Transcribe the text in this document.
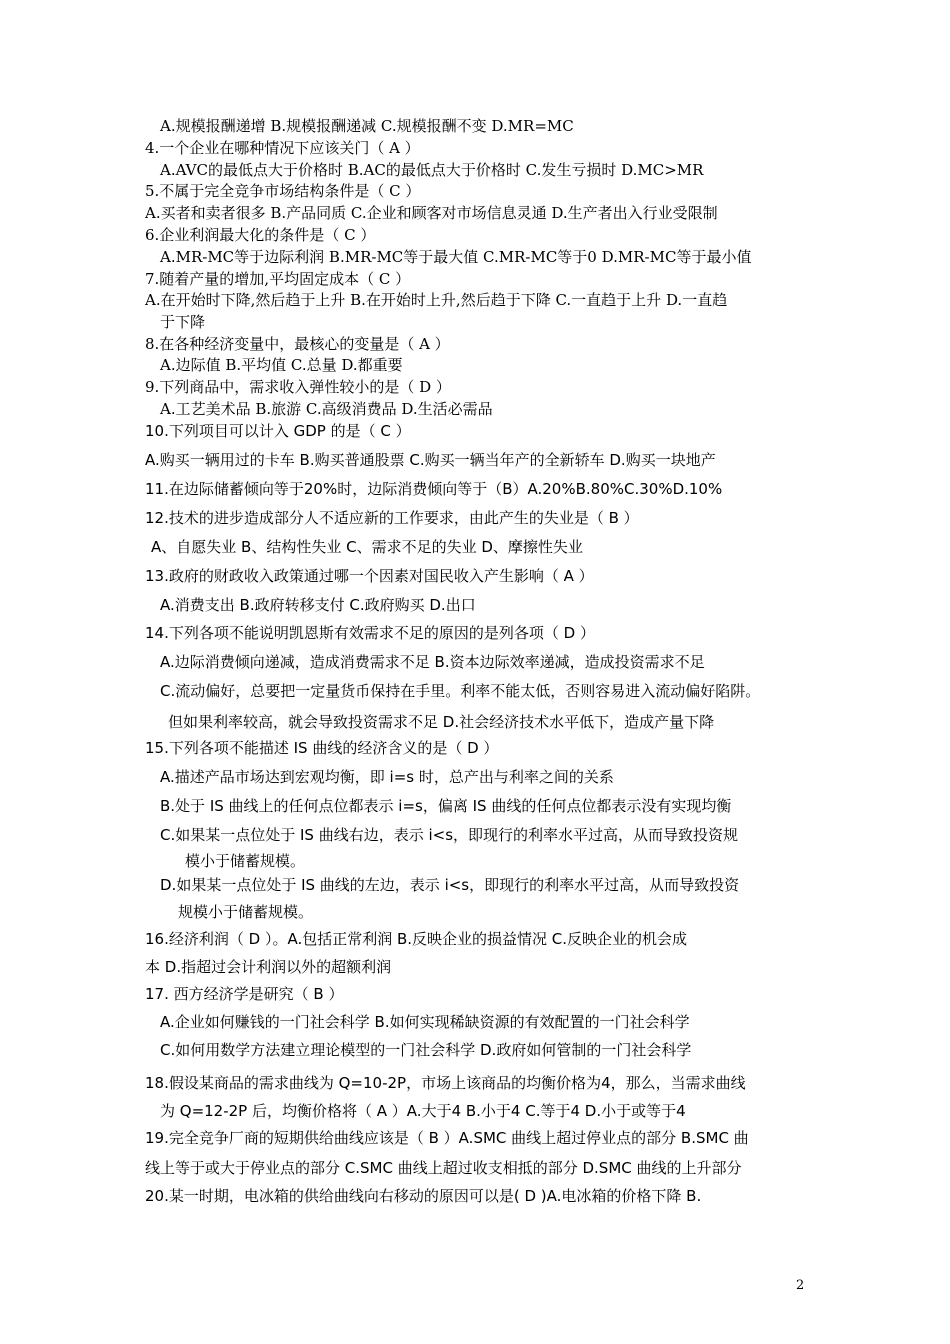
A.规模报酬递增 B.规模报酬递减 C.规模报酬不变 D.MR=MC
4.一个企业在哪种情况下应该关门（ A ）
A.AVC的最低点大于价格时 B.AC的最低点大于价格时 C.发生亏损时 D.MC>MR
5.不属于完全竞争市场结构条件是（ C ）
A.买者和卖者很多 B.产品同质 C.企业和顾客对市场信息灵通 D.生产者出入行业受限制
6.企业利润最大化的条件是（ C ）
A.MR-MC等于边际利润 B.MR-MC等于最大值 C.MR-MC等于0 D.MR-MC等于最小值
7.随着产量的增加,平均固定成本（ C ）
A.在开始时下降,然后趋于上升 B.在开始时上升,然后趋于下降 C.一直趋于上升 D.一直趋
于下降
8.在各种经济变量中，最核心的变量是（ A ）
A.边际值 B.平均值 C.总量 D.都重要
9.下列商品中，需求收入弹性较小的是（ D ）
A.工艺美术品 B.旅游 C.高级消费品 D.生活必需品
10.下列项目可以计入 GDP 的是（ C ）
A.购买一辆用过的卡车 B.购买普通股票 C.购买一辆当年产的全新轿车 D.购买一块地产
11.在边际储蓄倾向等于20%时，边际消费倾向等于（B）A.20%B.80%C.30%D.10%
12.技术的进步造成部分人不适应新的工作要求，由此产生的失业是（ B ）
A、自愿失业 B、结构性失业 C、需求不足的失业 D、摩擦性失业
13.政府的财政收入政策通过哪一个因素对国民收入产生影响（ A ）
A.消费支出 B.政府转移支付 C.政府购买 D.出口
14.下列各项不能说明凯恩斯有效需求不足的原因的是列各项（ D ）
A.边际消费倾向递减，造成消费需求不足 B.资本边际效率递减，造成投资需求不足
C.流动偏好，总要把一定量货币保持在手里。利率不能太低，否则容易进入流动偏好陷阱。
但如果利率较高，就会导致投资需求不足 D.社会经济技术水平低下，造成产量下降
15.下列各项不能描述 IS 曲线的经济含义的是（ D ）
A.描述产品市场达到宏观均衡，即 i=s 时，总产出与利率之间的关系
B.处于 IS 曲线上的任何点位都表示 i=s，偏离 IS 曲线的任何点位都表示没有实现均衡
C.如果某一点位处于 IS 曲线右边，表示 i<s，即现行的利率水平过高，从而导致投资规
模小于储蓄规模。
D.如果某一点位处于 IS 曲线的左边，表示 i<s，即现行的利率水平过高，从而导致投资
规模小于储蓄规模。
16.经济利润（ D ）。A.包括正常利润 B.反映企业的损益情况 C.反映企业的机会成
本 D.指超过会计利润以外的超额利润
17. 西方经济学是研究（ B ）
A.企业如何赚钱的一门社会科学 B.如何实现稀缺资源的有效配置的一门社会科学
C.如何用数学方法建立理论模型的一门社会科学 D.政府如何管制的一门社会科学
18.假设某商品的需求曲线为 Q=10-2P，市场上该商品的均衡价格为4，那么，当需求曲线
为 Q=12-2P 后，均衡价格将（ A ）A.大于4 B.小于4 C.等于4 D.小于或等于4
19.完全竞争厂商的短期供给曲线应该是（ B ）A.SMC 曲线上超过停业点的部分 B.SMC 曲
线上等于或大于停业点的部分 C.SMC 曲线上超过收支相抵的部分 D.SMC 曲线的上升部分
20.某一时期，电冰箱的供给曲线向右移动的原因可以是( D )A.电冰箱的价格下降 B.
2
